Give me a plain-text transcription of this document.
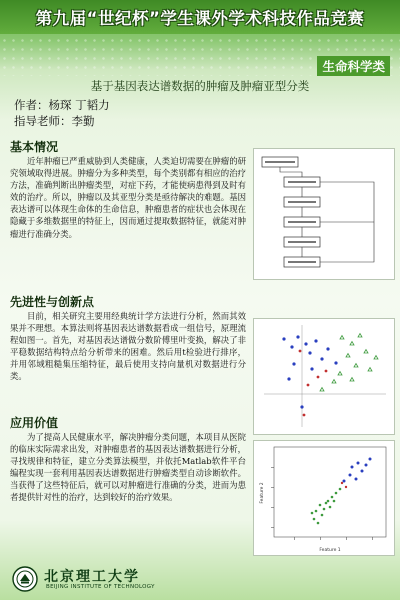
第九届“世纪杯”学生课外学术科技作品竞赛
生命科学类
基于基因表达谱数据的肿瘤及肿瘤亚型分类
作者：杨琛 丁韬力
指导老师：李勤
基本情况
近年肿瘤已严重威胁到人类健康，人类迫切需要在肿瘤的研究领域取得进展。肿瘤分为多种类型，每个类别都有相应的治疗方法，准确判断出肿瘤类型，对症下药，才能使病患得到及时有效的治疗。所以，肿瘤以及其亚型分类是亟待解决的难题。基因表达谱可以体现生命体的生命信息，肿瘤患者的症状也会体现在隐藏于多维数据里的特征上，因而通过提取数据特征，就能对肿瘤进行准确分类。
先进性与创新点
目前，相关研究主要用经典统计学方法进行分析，然而其效果并不理想。本算法则将基因表达谱数据看成一组信号，原理流程如图一。首先，对基因表达谱做分数阶傅里叶变换，解决了非平稳数据结构特点给分析带来的困难。然后用t检验进行排序，并用邻域粗糙集压缩特征，最后使用支持向量机对数据进行分类。
应用价值
为了提高人民健康水平，解决肿瘤分类问题，本项目从医院的临床实际需求出发，对肿瘤患者的基因表达谱数据进行分析，寻找规律和特征，建立分类算法模型，并依托Matlab软件平台编程实现一套利用基因表达谱数据进行肿瘤类型自动诊断软件。当获得了这些特征后，就可以对肿瘤进行准确的分类，进而为患者提供针对性的治疗，达到较好的治疗效果。
Feature 1
Feature 2
北京理工大学
BEIJING INSTITUTE OF TECHNOLOGY
